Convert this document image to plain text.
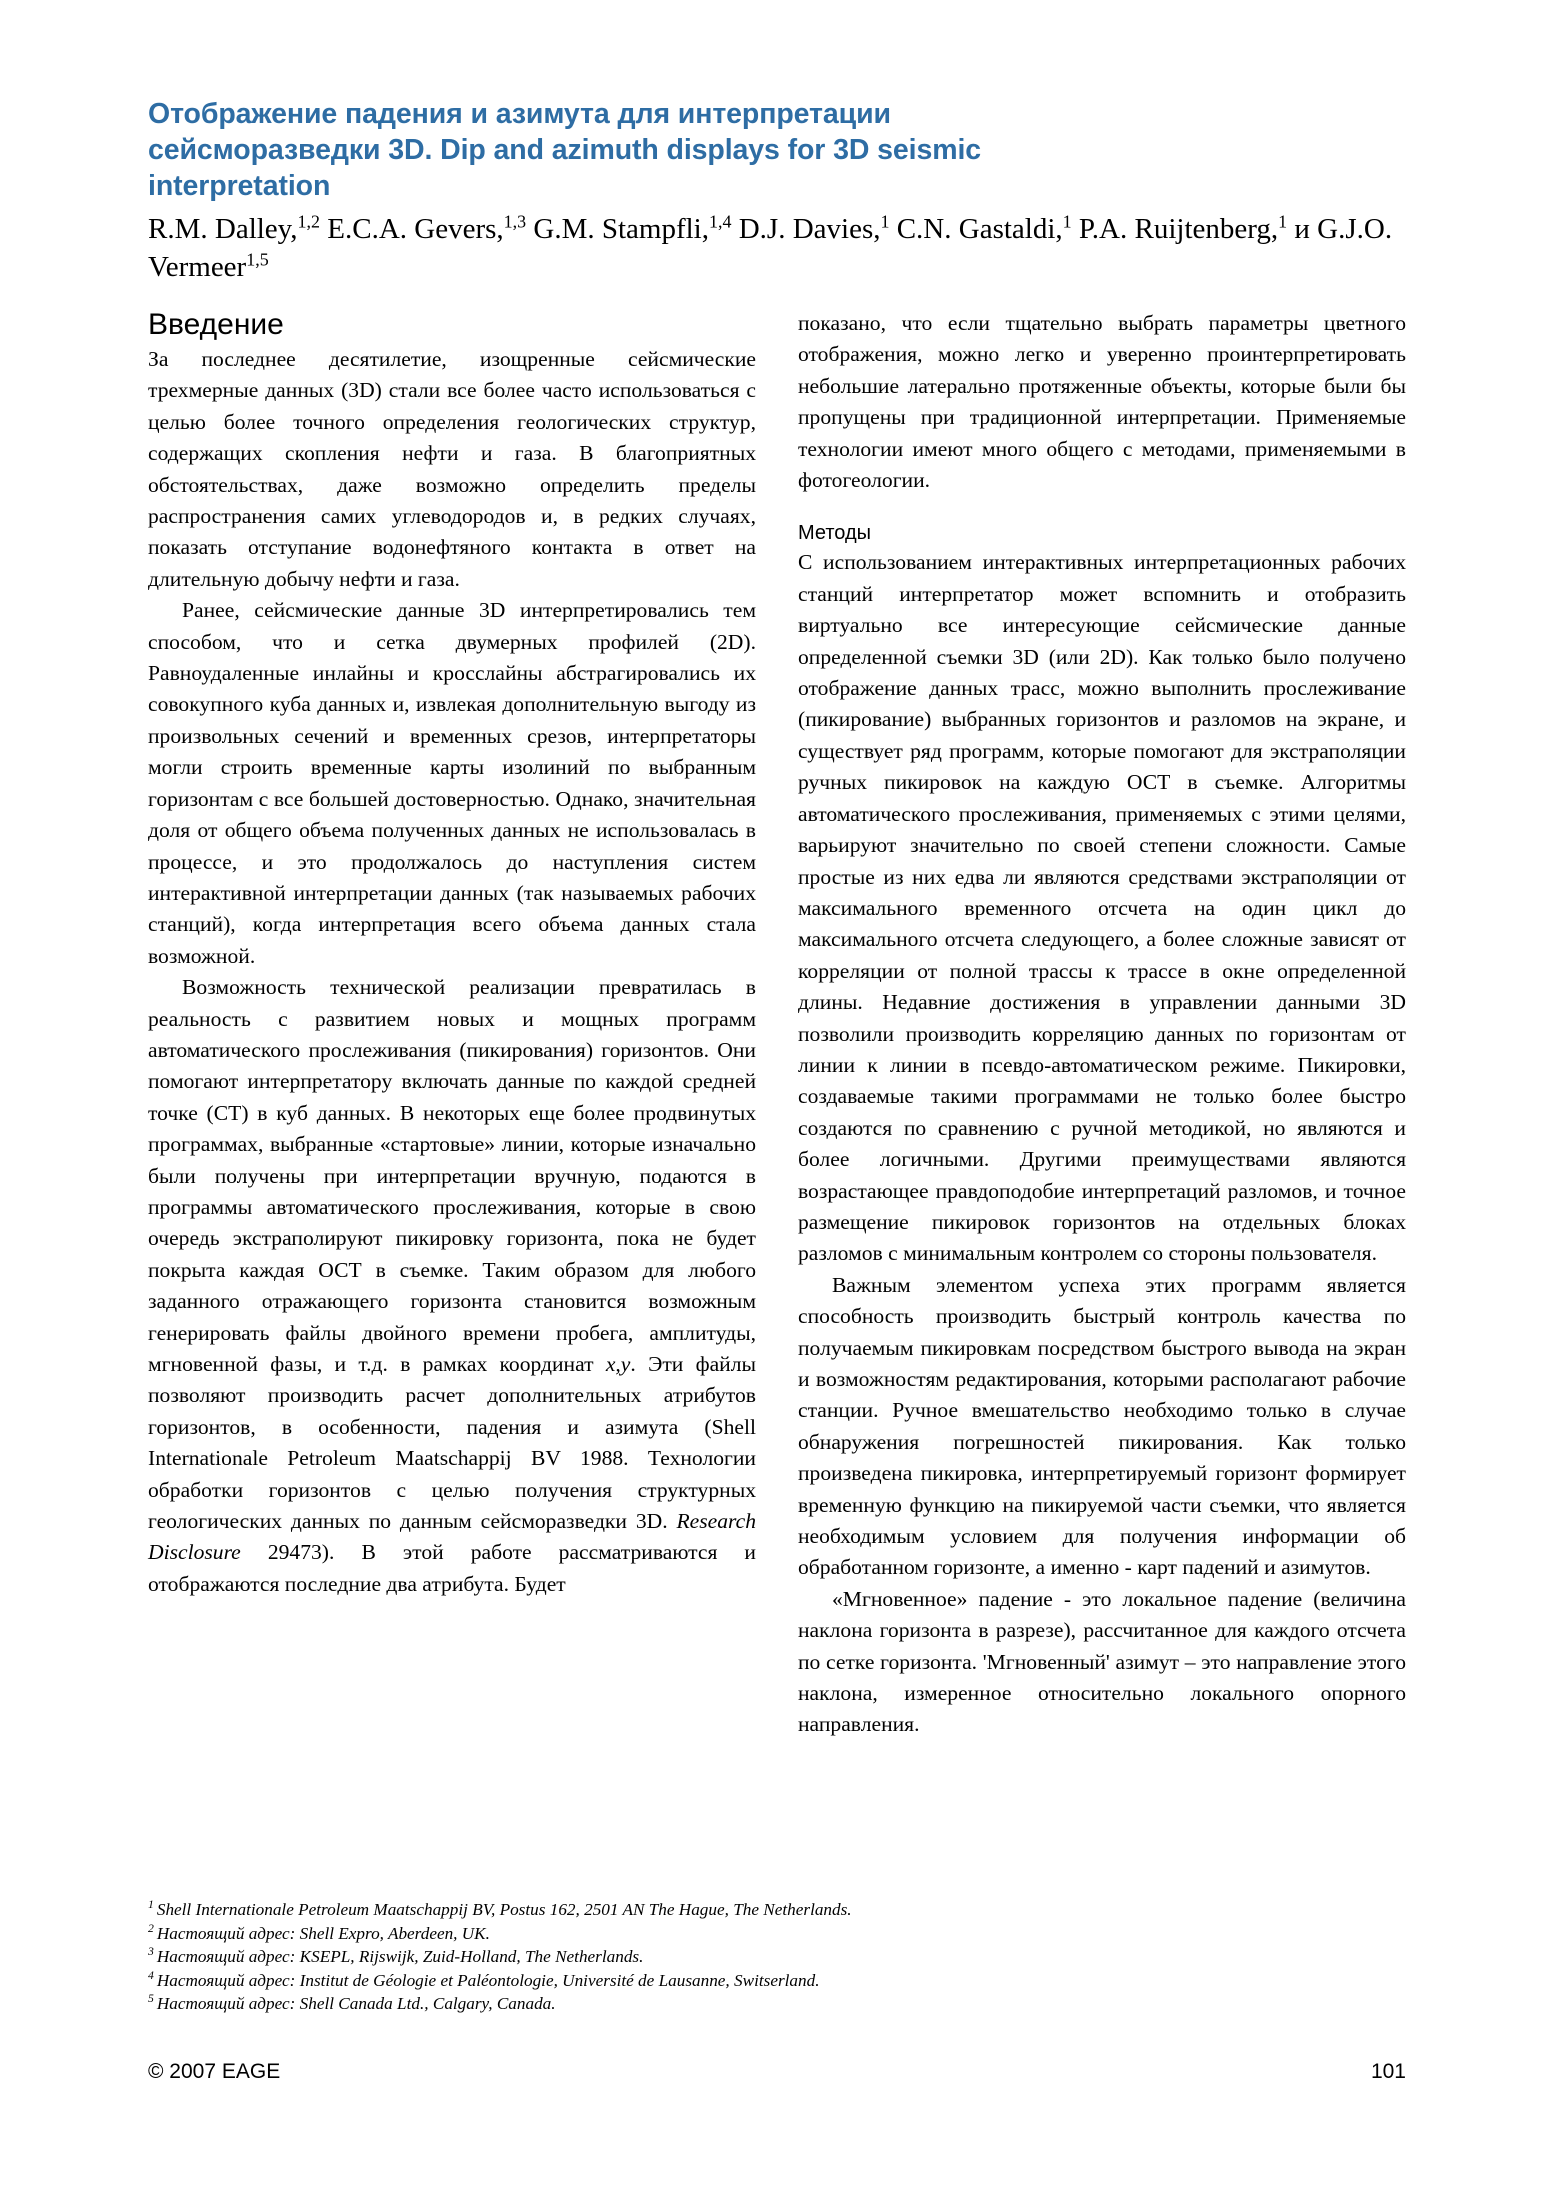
Отображение падения и азимута для интерпретации сейсморазведки 3D. Dip and azimuth displays for 3D seismic interpretation
R.M. Dalley,$^{1,2}$ E.C.A. Gevers,$^{1,3}$ G.M. Stampfli,$^{1,4}$ D.J. Davies,$^1$ C.N. Gastaldi,$^1$ P.A. Ruijtenberg,$^1$ и G.J.O. Vermeer$^{1,5}$
Введение

За последнее десятилетие, изощренные сейсмические трехмерные данных (3D) стали все более часто использоваться с целью более точного определения геологических структур, содержащих скопления нефти и газа. В благоприятных обстоятельствах, даже возможно определить пределы распространения самих углеводородов и, в редких случаях, показать отступание водонефтяного контакта в ответ на длительную добычу нефти и газа.

Ранее, сейсмические данные 3D интерпретировались тем способом, что и сетка двумерных профилей (2D). Равноудаленные инлайны и кросслайны абстрагировались их совокупного куба данных и, извлекая дополнительную выгоду из произвольных сечений и временных срезов, интерпретаторы могли строить временные карты изолиний по выбранным горизонтам с все большей достоверностью. Однако, значительная доля от общего объема полученных данных не использовалась в процессе, и это продолжалось до наступления систем интерактивной интерпретации данных (так называемых рабочих станций), когда интерпретация всего объема данных стала возможной.

Возможность технической реализации превратилась в реальность с развитием новых и мощных программ автоматического прослеживания (пикирования) горизонтов. Они помогают интерпретатору включать данные по каждой средней точке (СТ) в куб данных. В некоторых еще более продвинутых программах, выбранные «стартовые» линии, которые изначально были получены при интерпретации вручную, подаются в программы автоматического прослеживания, которые в свою очередь экстраполируют пикировку горизонта, пока не будет покрыта каждая ОСТ в съемке. Таким образом для любого заданного отражающего горизонта становится возможным генерировать файлы двойного времени пробега, амплитуды, мгновенной фазы, и т.д. в рамках координат x,y. Эти файлы позволяют производить расчет дополнительных атрибутов горизонтов, в особенности, падения и азимута (Shell Internationale Petroleum Maatschappij BV 1988. Технологии обработки горизонтов с целью получения структурных геологических данных по данным сейсморазведки 3D. Research Disclosure 29473). В этой работе рассматриваются и отображаются последние два атрибута. Будет

показано, что если тщательно выбрать параметры цветного отображения, можно легко и уверенно проинтерпретировать небольшие латерально протяженные объекты, которые были бы пропущены при традиционной интерпретации. Применяемые технологии имеют много общего с методами, применяемыми в фотогеологии.

Методы

С использованием интерактивных интерпретационных рабочих станций интерпретатор может вспомнить и отобразить виртуально все интересующие сейсмические данные определенной съемки 3D (или 2D). Как только было получено отображение данных трасс, можно выполнить прослеживание (пикирование) выбранных горизонтов и разломов на экране, и существует ряд программ, которые помогают для экстраполяции ручных пикировок на каждую ОСТ в съемке. Алгоритмы автоматического прослеживания, применяемых с этими целями, варьируют значительно по своей степени сложности. Самые простые из них едва ли являются средствами экстраполяции от максимального временного отсчета на один цикл до максимального отсчета следующего, а более сложные зависят от корреляции от полной трассы к трассе в окне определенной длины. Недавние достижения в управлении данными 3D позволили производить корреляцию данных по горизонтам от линии к линии в псевдо-автоматическом режиме. Пикировки, создаваемые такими программами не только более быстро создаются по сравнению с ручной методикой, но являются и более логичными. Другими преимуществами являются возрастающее правдоподобие интерпретаций разломов, и точное размещение пикировок горизонтов на отдельных блоках разломов с минимальным контролем со стороны пользователя.

Важным элементом успеха этих программ является способность производить быстрый контроль качества по получаемым пикировкам посредством быстрого вывода на экран и возможностям редактирования, которыми располагают рабочие станции. Ручное вмешательство необходимо только в случае обнаружения погрешностей пикирования. Как только произведена пикировка, интерпретируемый горизонт формирует временную функцию на пикируемой части съемки, что является необходимым условием для получения информации об обработанном горизонте, а именно - карт падений и азимутов.

«Мгновенное» падение - это локальное падение (величина наклона горизонта в разрезе), рассчитанное для каждого отсчета по сетке горизонта. 'Мгновенный' азимут – это направление этого наклона, измеренное относительно локального опорного направления.

$^1$ Shell Internationale Petroleum Maatschappij BV, Postus 162, 2501 AN The Hague, The Netherlands.

$^2$ Настоящий адрес: Shell Expro, Aberdeen, UK.

$^3$ Настоящий адрес: KSEPL, Rijswijk, Zuid-Holland, The Netherlands.

$^4$ Настоящий адрес: Institut de Géologie et Paléontologie, Université de Lausanne, Switserland.

$^5$ Настоящий адрес: Shell Canada Ltd., Calgary, Canada.

© 2007 EAGE	101
